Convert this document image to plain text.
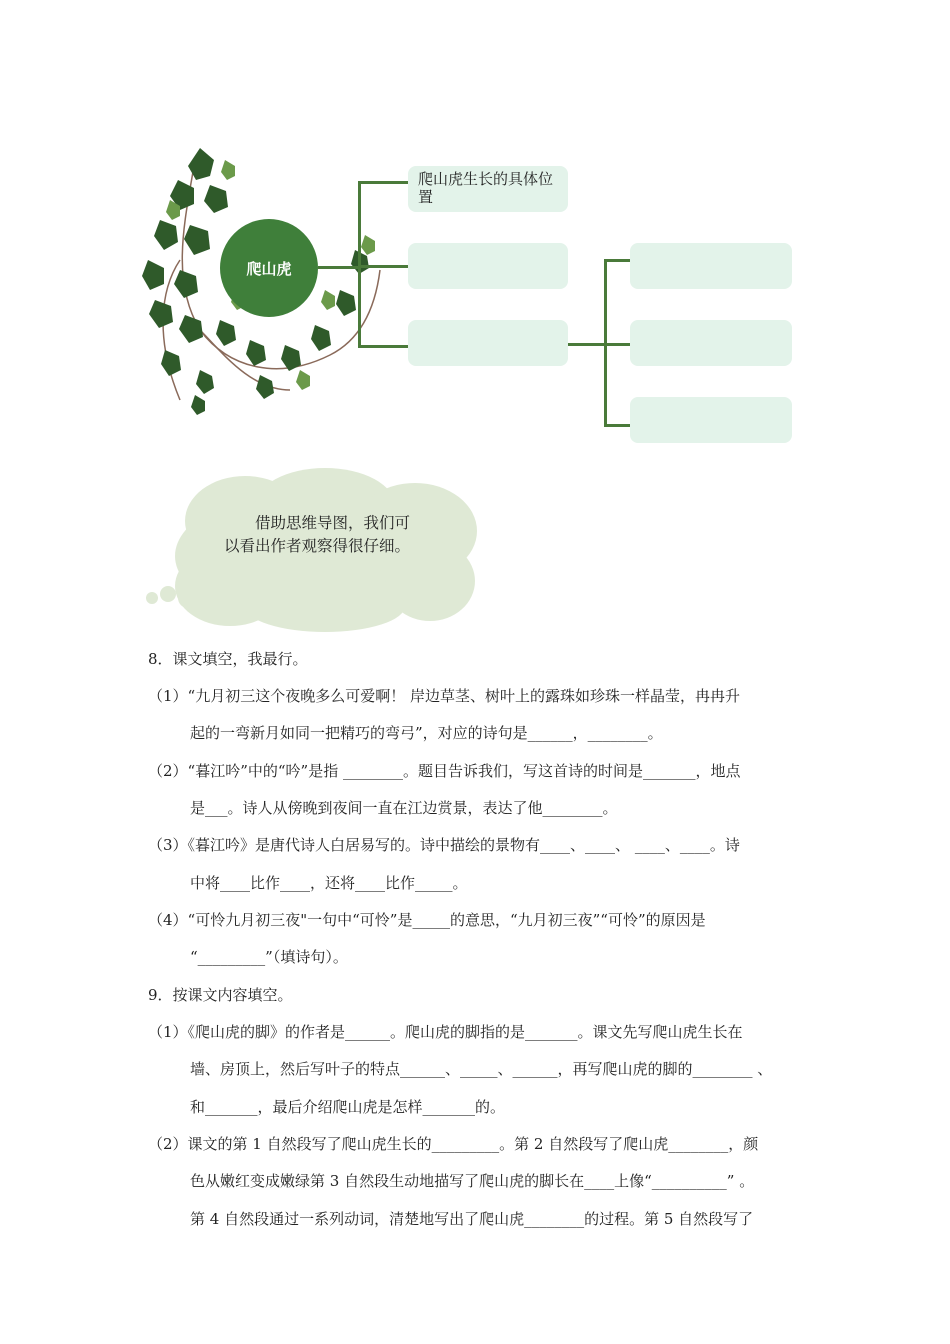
爬山虎
爬山虎生长的具体位置
借助思维导图，我们可以看出作者观察得很仔细。
8．课文填空，我最行。
（1）“九月初三这个夜晚多么可爱啊！ 岸边草茎、树叶上的露珠如珍珠一样晶莹，冉冉升
起的一弯新月如同一把精巧的弯弓”，对应的诗句是______，________。
（2）“暮江吟”中的“吟”是指 ________。题目告诉我们，写这首诗的时间是_______，地点
是___。诗人从傍晚到夜间一直在江边赏景，表达了他________。
（3）《暮江吟》是唐代诗人白居易写的。诗中描绘的景物有____、____、 ____、____。诗
中将____比作____，还将____比作_____。
（4）“可怜九月初三夜"一句中“可怜”是_____的意思，“九月初三夜”“可怜”的原因是
“_________”（填诗句）。
9．按课文内容填空。
（1）《爬山虎的脚》的作者是______。爬山虎的脚指的是_______。课文先写爬山虎生长在
墙、房顶上，然后写叶子的特点______、_____、______，再写爬山虎的脚的________ 、
和_______，最后介绍爬山虎是怎样_______的。
（2）课文的第 1 自然段写了爬山虎生长的_________。第 2 自然段写了爬山虎________，颜
色从嫩红变成嫩绿第 3 自然段生动地描写了爬山虎的脚长在____上像“__________” 。
第 4 自然段通过一系列动词，清楚地写出了爬山虎________的过程。第 5 自然段写了
